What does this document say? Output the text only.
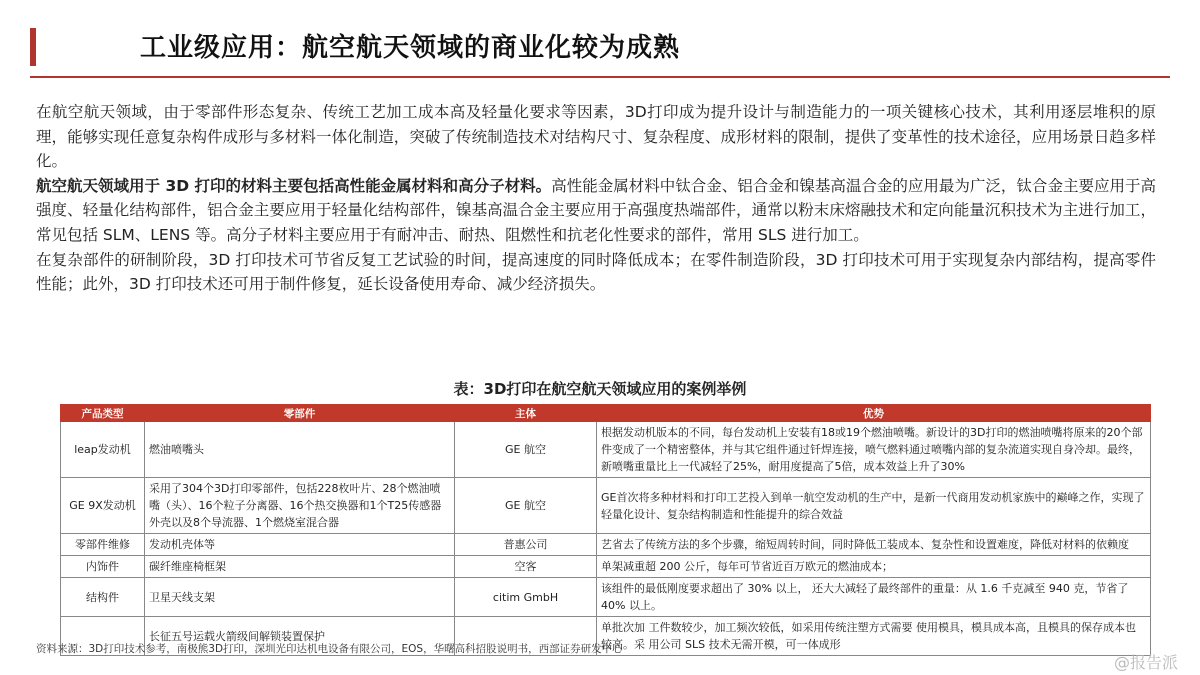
工业级应用：航空航天领域的商业化较为成熟

在航空航天领域，由于零部件形态复杂、传统工艺加工成本高及轻量化要求等因素，3D打印成为提升设计与制造能力的一项关键核心技术，其利用逐层堆积的原理，能够实现任意复杂构件成形与多材料一体化制造，突破了传统制造技术对结构尺寸、复杂程度、成形材料的限制，提供了变革性的技术途径，应用场景日趋多样化。

航空航天领域用于 3D 打印的材料主要包括高性能金属材料和高分子材料。高性能金属材料中钛合金、铝合金和镍基高温合金的应用最为广泛，钛合金主要应用于高强度、轻量化结构部件，铝合金主要应用于轻量化结构部件，镍基高温合金主要应用于高强度热端部件，通常以粉末床熔融技术和定向能量沉积技术为主进行加工，常见包括 SLM、LENS 等。高分子材料主要应用于有耐冲击、耐热、阻燃性和抗老化性要求的部件，常用 SLS 进行加工。

在复杂部件的研制阶段，3D 打印技术可节省反复工艺试验的时间，提高速度的同时降低成本；在零件制造阶段，3D 打印技术可用于实现复杂内部结构，提高零件性能；此外，3D 打印技术还可用于制件修复，延长设备使用寿命、减少经济损失。

表：3D打印在航空航天领域应用的案例举例
产品类型	零部件	主体	优势
leap发动机	燃油喷嘴头	GE 航空	根据发动机版本的不同，每台发动机上安装有18或19个燃油喷嘴。新设计的3D打印的燃油喷嘴将原来的20个部件变成了一个精密整体，并与其它组件通过钎焊连接，喷气燃料通过喷嘴内部的复杂流道实现自身冷却。最终，新喷嘴重量比上一代减轻了25%，耐用度提高了5倍，成本效益上升了30%
GE 9X发动机	采用了304个3D打印零部件，包括228枚叶片、28个燃油喷嘴（头）、16个粒子分离器、16个热交换器和1个T25传感器外壳以及8个导流器、1个燃烧室混合器	GE 航空	GE首次将多种材料和打印工艺投入到单一航空发动机的生产中，是新一代商用发动机家族中的巅峰之作，实现了轻量化设计、复杂结构制造和性能提升的综合效益
零部件维修	发动机壳体等	普惠公司	艺省去了传统方法的多个步骤，缩短周转时间，同时降低工装成本、复杂性和设置难度，降低对材料的依赖度
内饰件	碳纤维座椅框架	空客	单架减重超 200 公斤，每年可节省近百万欧元的燃油成本；
结构件	卫星天线支架	citim GmbH	该组件的最低刚度要求超出了 30% 以上， 还大大减轻了最终部件的重量：从 1.6 千克减至 940 克，节省了40% 以上。
	长征五号运载火箭级间解锁装置保护		单批次加 工件数较少，加工频次较低，如采用传统注塑方式需要 使用模具，模具成本高，且模具的保存成本也较高。采 用公司 SLS 技术无需开模，可一体成形
资料来源：3D打印技术参考，南极熊3D打印，深圳光印达机电设备有限公司，EOS，华曙高科招股说明书，西部证券研发中心
@报告派
